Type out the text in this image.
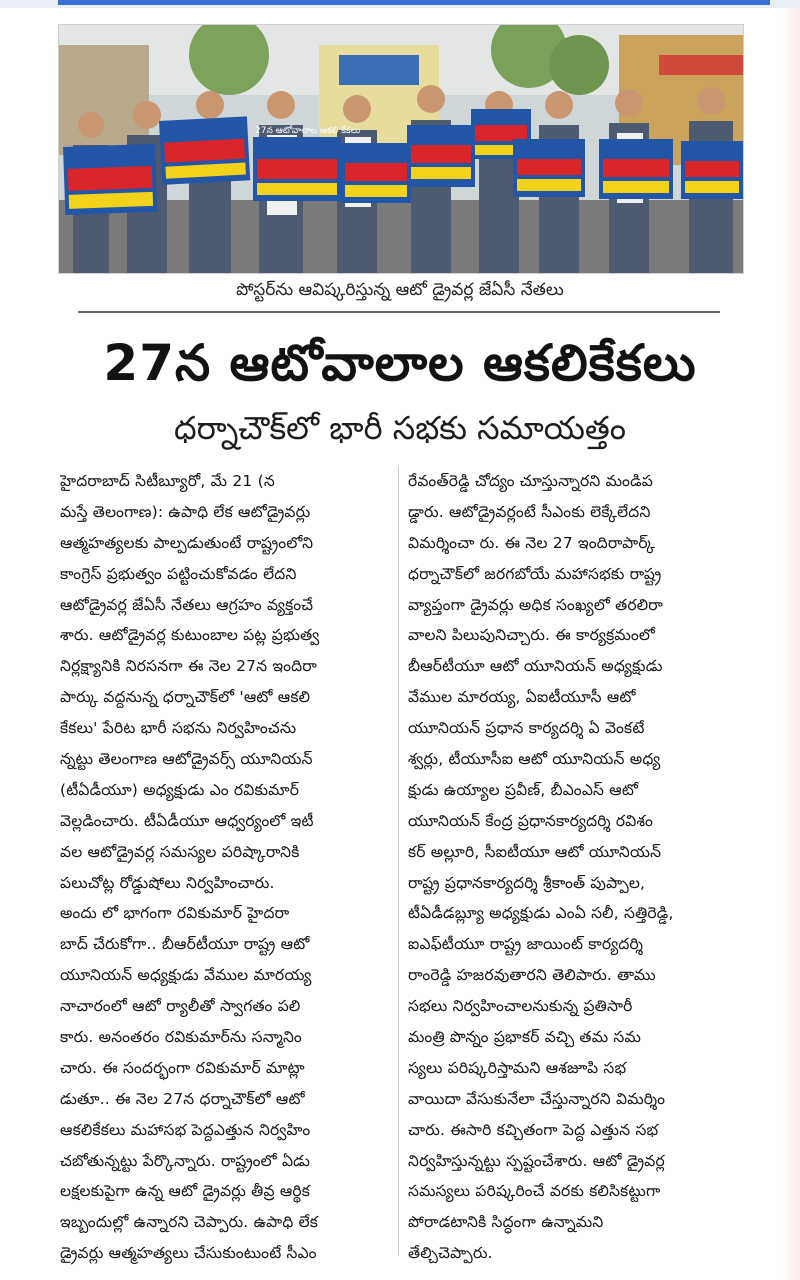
27న ఆటోవాలాల ఆకలి కేకలు
పోస్టర్‌ను ఆవిష్కరిస్తున్న ఆటో డ్రైవర్ల జేఏసీ నేతలు
27న ఆటోవాలాల ఆకలికేకలు
ధర్నాచౌక్‌లో భారీ సభకు సమాయత్తం
హైదరాబాద్ సిటీబ్యూరో, మే 21 (న
మస్తే తెలంగాణ): ఉపాధి లేక ఆటోడ్రైవర్లు
ఆత్మహత్యలకు పాల్పడుతుంటే రాష్ట్రంలోని
కాంగ్రెస్ ప్రభుత్వం పట్టించుకోవడం లేదని
ఆటోడ్రైవర్ల జేఏసీ నేతలు ఆగ్రహం వ్యక్తంచే
శారు. ఆటోడ్రైవర్ల కుటుంబాల పట్ల ప్రభుత్వ
నిర్లక్ష్యానికి నిరసనగా ఈ నెల 27న ఇందిరా
పార్కు వద్దనున్న ధర్నాచౌక్‌లో 'ఆటో ఆకలి
కేకలు' పేరిట భారీ సభను నిర్వహించను
న్నట్టు తెలంగాణ ఆటోడ్రైవర్స్ యూనియన్
(టీఏడీయూ) అధ్యక్షుడు ఎం రవికుమార్
వెల్లడించారు. టీఏడీయూ ఆధ్వర్యంలో ఇటీ
వల ఆటోడ్రైవర్ల సమస్యల పరిష్కారానికి
పలుచోట్ల రోడ్డుషోలు నిర్వహించారు.
అందు లో భాగంగా రవికుమార్ హైదరా
బాద్ చేరుకోగా.. బీఆర్‌టీయూ రాష్ట్ర ఆటో
యూనియన్ అధ్యక్షుడు వేముల మారయ్య
నాచారంలో ఆటో ర్యాలీతో స్వాగతం పలి
కారు. అనంతరం రవికుమార్‌ను సన్మానిం
చారు. ఈ సందర్భంగా రవికుమార్ మాట్లా
డుతూ.. ఈ నెల 27న ధర్నాచౌక్‌లో ఆటో
ఆకలికేకలు మహాసభ పెద్దఎత్తున నిర్వహిం
చబోతున్నట్టు పేర్కొన్నారు. రాష్ట్రంలో ఏడు
లక్షలకుపైగా ఉన్న ఆటో డ్రైవర్లు తీవ్ర ఆర్థిక
ఇబ్బందుల్లో ఉన్నారని చెప్పారు. ఉపాధి లేక
డ్రైవర్లు ఆత్మహత్యలు చేసుకుంటుంటే సీఎం
రేవంత్‌రెడ్డి చోద్యం చూస్తున్నారని మండిప
డ్డారు. ఆటోడ్రైవర్లంటే సీఎంకు లెక్కేలేదని
విమర్శించా రు. ఈ నెల 27 ఇందిరాపార్క్
ధర్నాచౌక్‌లో జరగబోయే మహాసభకు రాష్ట్ర
వ్యాప్తంగా డ్రైవర్లు అధిక సంఖ్యలో తరలిరా
వాలని పిలుపునిచ్చారు. ఈ కార్యక్రమంలో
బీఆర్‌టీయూ ఆటో యూనియన్ అధ్యక్షుడు
వేముల మారయ్య, ఏఐటీయూసీ ఆటో
యూనియన్ ప్రధాన కార్యదర్శి ఏ వెంకటే
శ్వర్లు, టీయూసీఐ ఆటో యూనియన్ అధ్య
క్షుడు ఉయ్యాల ప్రవీణ్, బీఎంఎస్ ఆటో
యూనియన్ కేంద్ర ప్రధానకార్యదర్శి రవిశం
కర్ అల్లూరి, సీఐటీయూ ఆటో యూనియన్
రాష్ట్ర ప్రధానకార్యదర్శి శ్రీకాంత్ పుప్పాల,
టీఏడీడబ్ల్యూ అధ్యక్షుడు ఎంఏ సలీ, సత్తిరెడ్డి,
ఐఎఫ్‌టీయూ రాష్ట్ర జాయింట్ కార్యదర్శి
రాంరెడ్డి హజరవుతారని తెలిపారు. తాము
సభలు నిర్వహించాలనుకున్న ప్రతిసారీ
మంత్రి పొన్నం ప్రభాకర్ వచ్చి తమ సమ
స్యలు పరిష్కరిస్తామని ఆశజూపి సభ
వాయిదా వేసుకునేలా చేస్తున్నారని విమర్శిం
చారు. ఈసారి కచ్చితంగా పెద్ద ఎత్తున సభ
నిర్వహిస్తున్నట్టు స్పష్టంచేశారు. ఆటో డ్రైవర్ల
సమస్యలు పరిష్కరించే వరకు కలిసికట్టుగా
పోరాడటానికి సిద్ధంగా ఉన్నామని
తేల్చిచెప్పారు.
